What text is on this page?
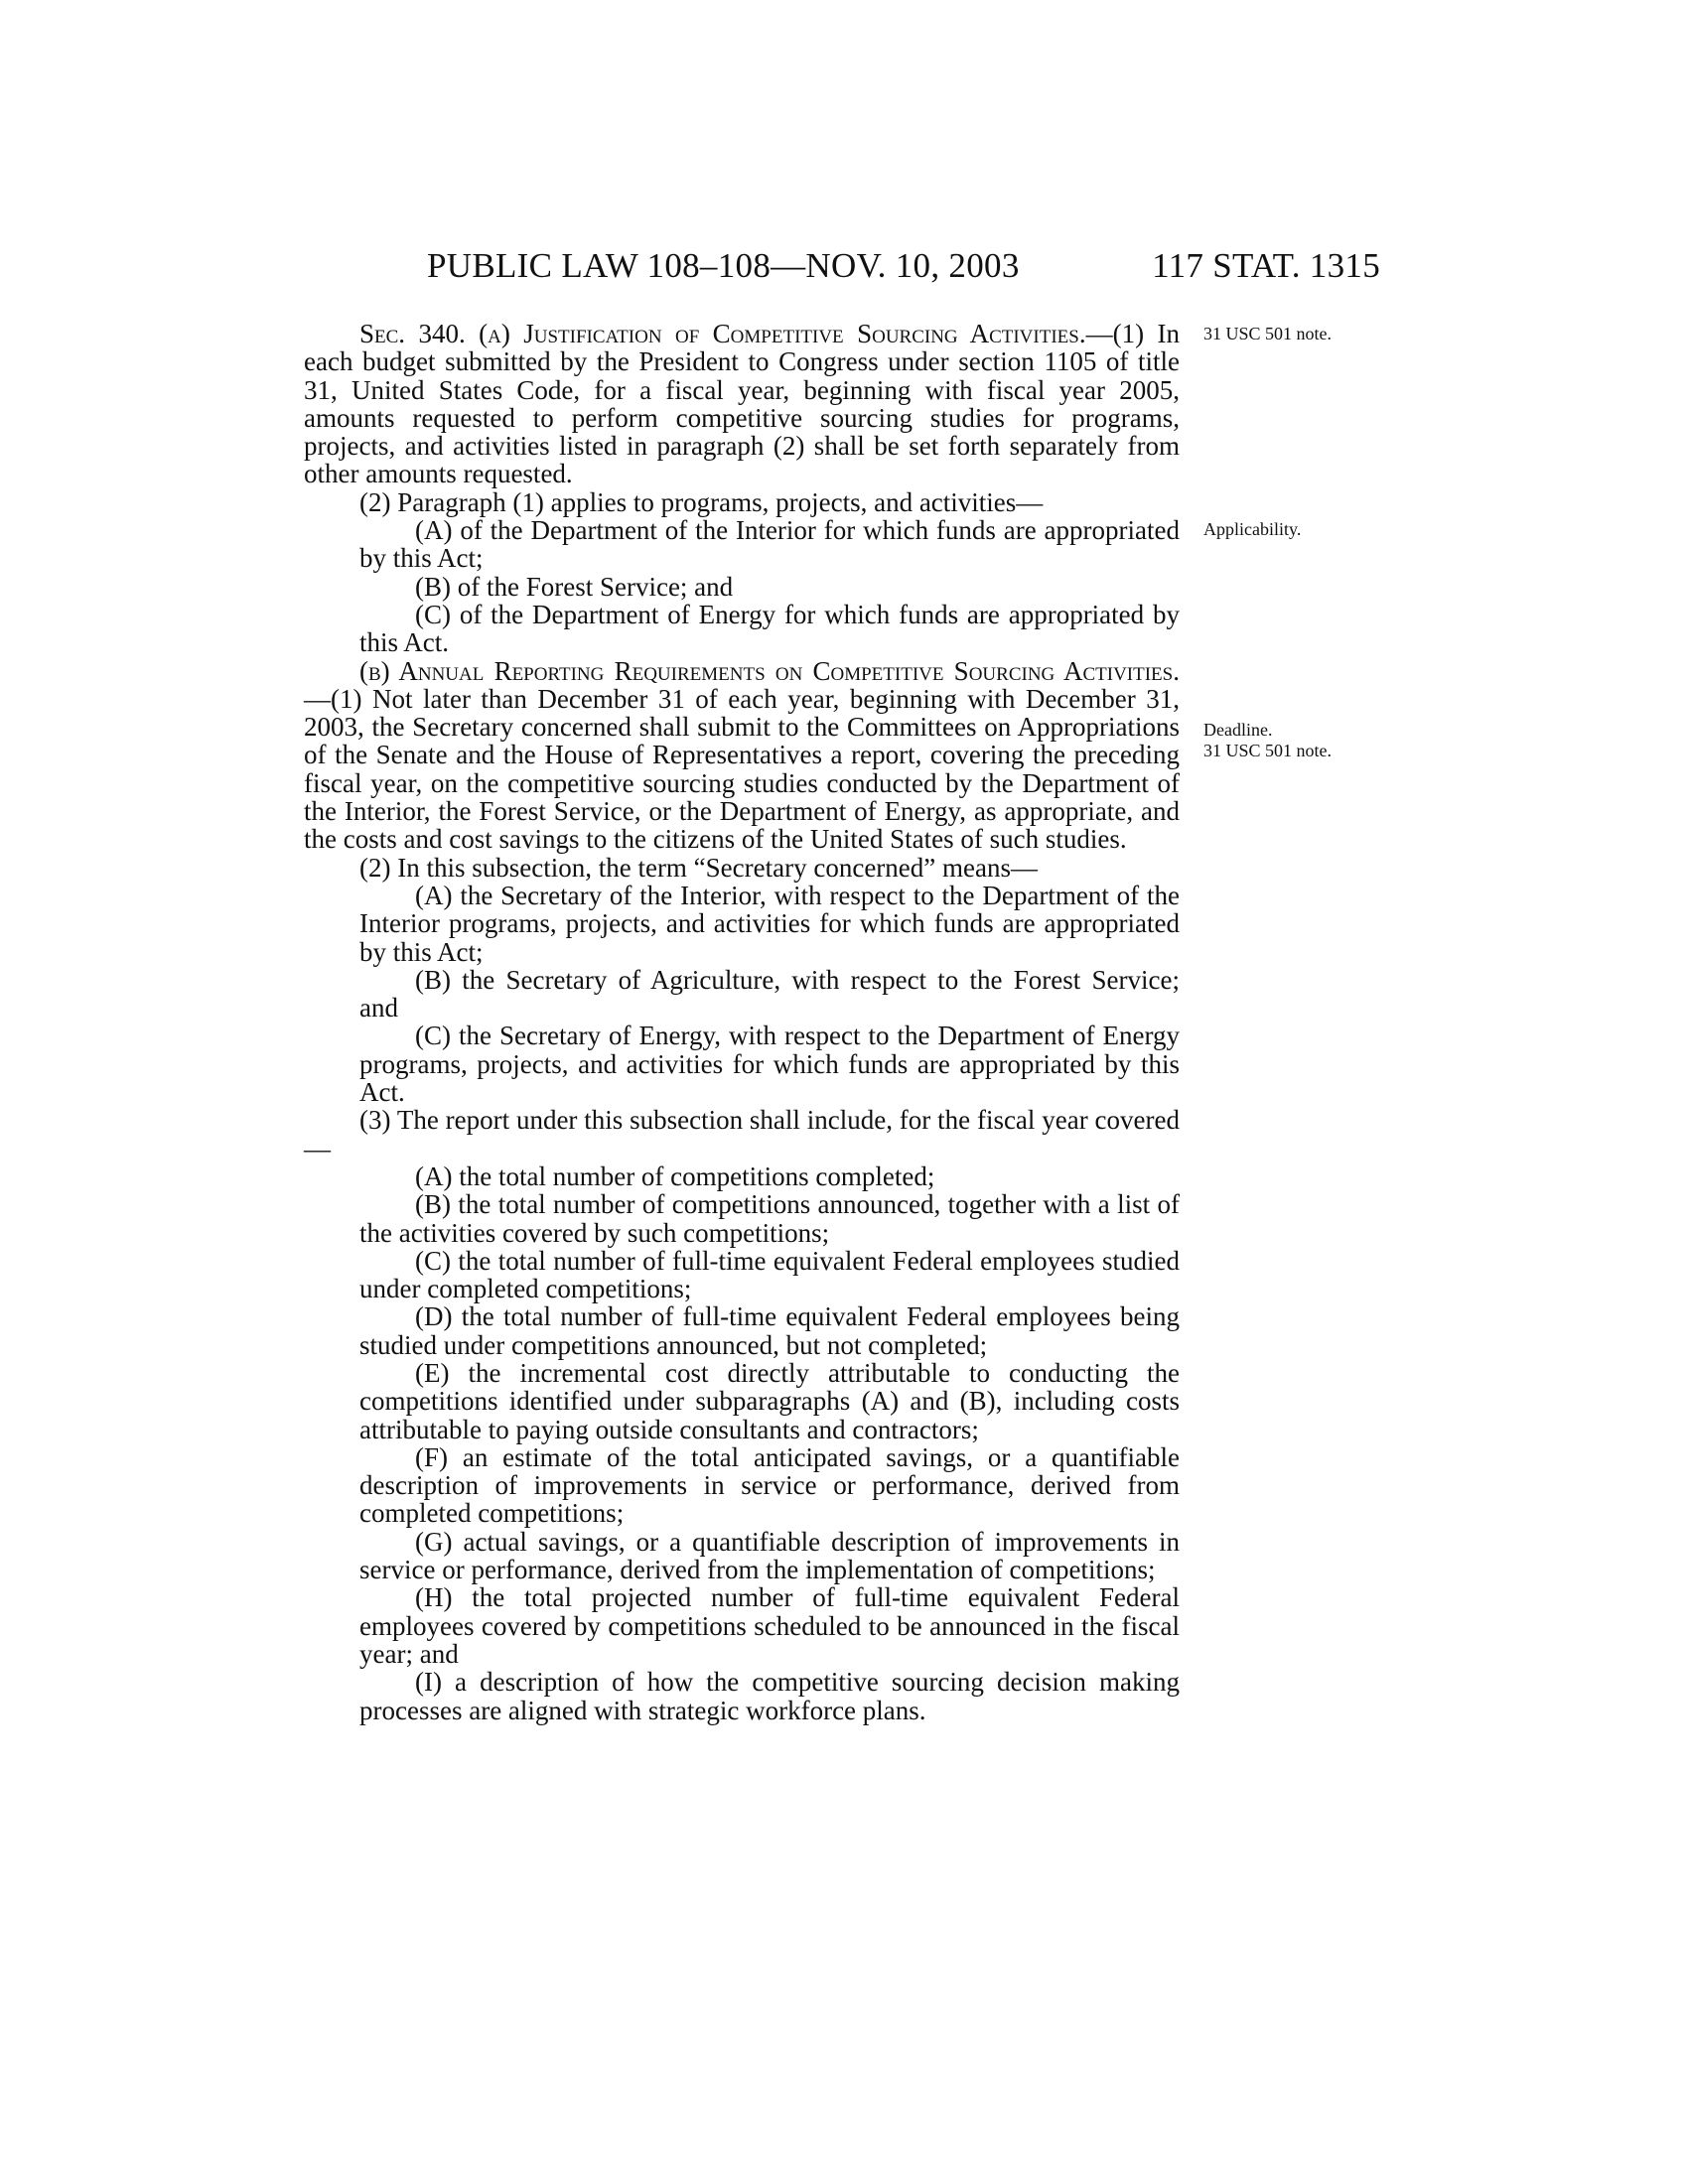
PUBLIC LAW 108–108—NOV. 10, 2003	117 STAT. 1315
31 USC 501 note.
Applicability.
Deadline.
31 USC 501 note.

Sec. 340. (a) Justification of Competitive Sourcing Activities.—(1) In each budget submitted by the President to Congress under section 1105 of title 31, United States Code, for a fiscal year, beginning with fiscal year 2005, amounts requested to perform competitive sourcing studies for programs, projects, and activities listed in paragraph (2) shall be set forth separately from other amounts requested.

(2) Paragraph (1) applies to programs, projects, and activities—

(A) of the Department of the Interior for which funds are appropriated by this Act;

(B) of the Forest Service; and

(C) of the Department of Energy for which funds are appropriated by this Act.

(b) Annual Reporting Requirements on Competitive Sourcing Activities.—(1) Not later than December 31 of each year, beginning with December 31, 2003, the Secretary concerned shall submit to the Committees on Appropriations of the Senate and the House of Representatives a report, covering the preceding fiscal year, on the competitive sourcing studies conducted by the Department of the Interior, the Forest Service, or the Department of Energy, as appropriate, and the costs and cost savings to the citizens of the United States of such studies.

(2) In this subsection, the term “Secretary concerned” means—

(A) the Secretary of the Interior, with respect to the Department of the Interior programs, projects, and activities for which funds are appropriated by this Act;

(B) the Secretary of Agriculture, with respect to the Forest Service; and

(C) the Secretary of Energy, with respect to the Department of Energy programs, projects, and activities for which funds are appropriated by this Act.

(3) The report under this subsection shall include, for the fiscal year covered—

(A) the total number of competitions completed;

(B) the total number of competitions announced, together with a list of the activities covered by such competitions;

(C) the total number of full-time equivalent Federal employees studied under completed competitions;

(D) the total number of full-time equivalent Federal employees being studied under competitions announced, but not completed;

(E) the incremental cost directly attributable to conducting the competitions identified under subparagraphs (A) and (B), including costs attributable to paying outside consultants and contractors;

(F) an estimate of the total anticipated savings, or a quantifiable description of improvements in service or performance, derived from completed competitions;

(G) actual savings, or a quantifiable description of improvements in service or performance, derived from the implementation of competitions;

(H) the total projected number of full-time equivalent Federal employees covered by competitions scheduled to be announced in the fiscal year; and

(I) a description of how the competitive sourcing decision making processes are aligned with strategic workforce plans.
